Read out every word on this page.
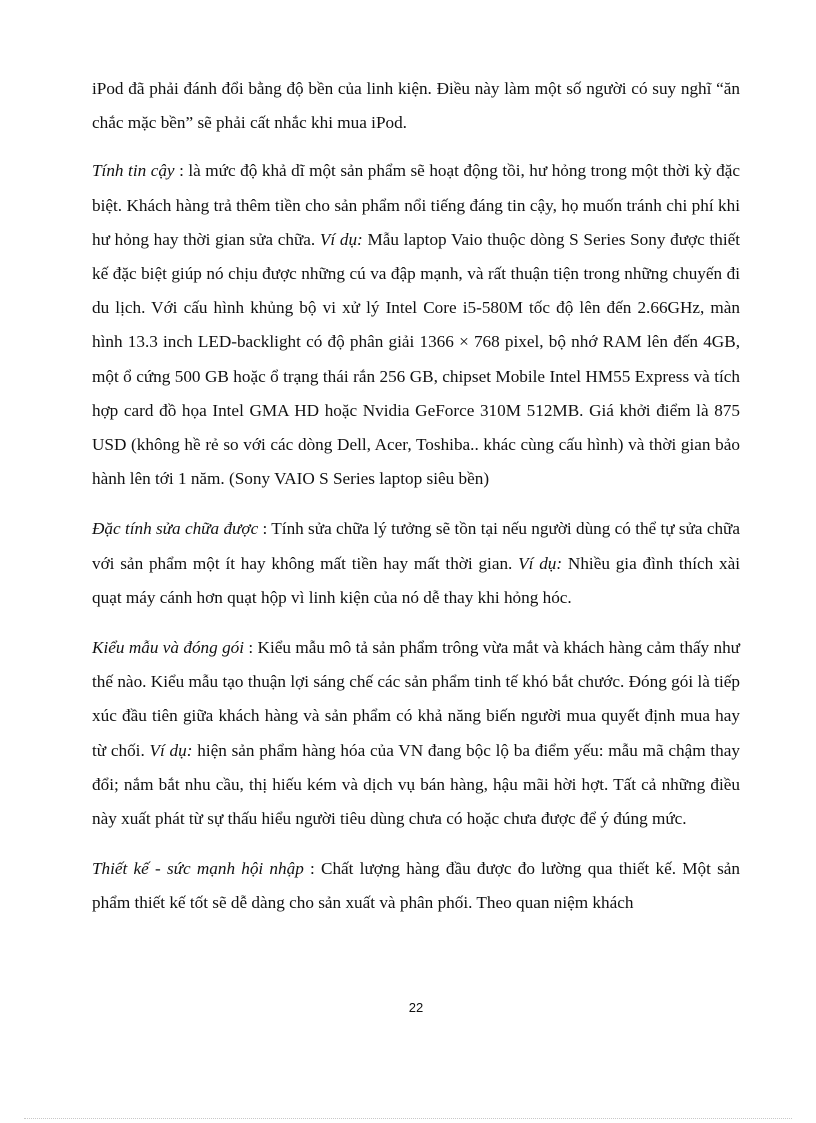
iPod đã phải đánh đổi bằng độ bền của linh kiện. Điều này làm một số người có suy nghĩ “ăn chắc mặc bền” sẽ phải cất nhắc khi mua iPod.

Tính tin cậy : là mức độ khả dĩ một sản phẩm sẽ hoạt động tồi, hư hỏng trong một thời kỳ đặc biệt. Khách hàng trả thêm tiền cho sản phẩm nổi tiếng đáng tin cậy, họ muốn tránh chi phí khi hư hỏng hay thời gian sửa chữa. Ví dụ: Mẫu laptop Vaio thuộc dòng S Series Sony được thiết kế đặc biệt giúp nó chịu được những cú va đập mạnh, và rất thuận tiện trong những chuyến đi du lịch. Với cấu hình khủng bộ vi xử lý Intel Core i5-580M tốc độ lên đến 2.66GHz, màn hình 13.3 inch LED-backlight có độ phân giải 1366 × 768 pixel, bộ nhớ RAM lên đến 4GB, một ổ cứng 500 GB hoặc ổ trạng thái rắn 256 GB, chipset Mobile Intel HM55 Express và tích hợp card đồ họa Intel GMA HD hoặc Nvidia GeForce 310M 512MB. Giá khởi điểm là 875 USD (không hề rẻ so với các dòng Dell, Acer, Toshiba.. khác cùng cấu hình) và thời gian bảo hành lên tới 1 năm. (Sony VAIO S Series laptop siêu bền)

Đặc tính sửa chữa được : Tính sửa chữa lý tưởng sẽ tồn tại nếu người dùng có thể tự sửa chữa với sản phẩm một ít hay không mất tiền hay mất thời gian. Ví dụ: Nhiều gia đình thích xài quạt máy cánh hơn quạt hộp vì linh kiện của nó dễ thay khi hỏng hóc.

Kiểu mẫu và đóng gói : Kiểu mẫu mô tả sản phẩm trông vừa mắt và khách hàng cảm thấy như thế nào. Kiểu mẫu tạo thuận lợi sáng chế các sản phẩm tinh tế khó bắt chước. Đóng gói là tiếp xúc đầu tiên giữa khách hàng và sản phẩm có khả năng biến người mua quyết định mua hay từ chối. Ví dụ: hiện sản phẩm hàng hóa của VN đang bộc lộ ba điểm yếu: mẫu mã chậm thay đổi; nắm bắt nhu cầu, thị hiếu kém và dịch vụ bán hàng, hậu mãi hời hợt. Tất cả những điều này xuất phát từ sự thấu hiểu người tiêu dùng chưa có hoặc chưa được để ý đúng mức.

Thiết kế - sức mạnh hội nhập : Chất lượng hàng đầu được đo lường qua thiết kế. Một sản phẩm thiết kế tốt sẽ dễ dàng cho sản xuất và phân phối. Theo quan niệm khách

22
